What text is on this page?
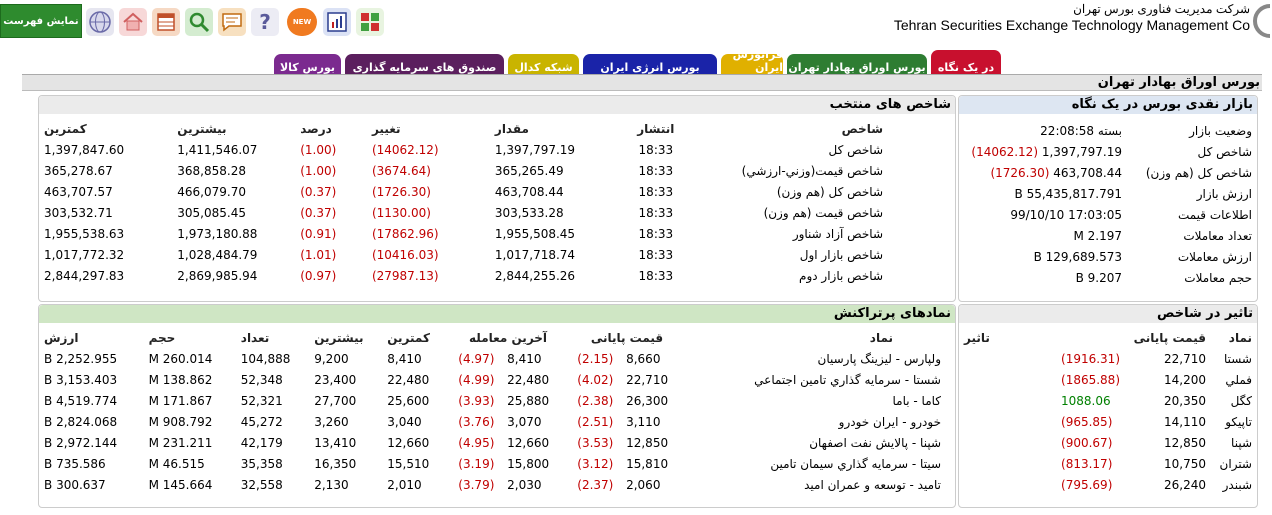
نمایش فهرست	?	NEW
شرکت مدیریت فناوری بورس تهران
Tehran Securities Exchange Technology Management Co
در یک نگاه
بورس اوراق بهادار تهران
فرابورس ایران
بورس انرژی ایران
شبکه کدال
صندوق های سرمایه گذاری
بورس کالا
بورس اوراق بهادار تهران
بازار نقدی بورس در یک نگاه
وضعیت بازار	بسته 22:08:58
شاخص کل	1,397,797.19 (14062.12)
شاخص کل (هم وزن)	463,708.44 (1726.30)
ارزش بازار	55,435,817.791 B
اطلاعات قیمت	17:03:05 99/10/10
تعداد معاملات	2.197 M
ارزش معاملات	129,689.573 B
حجم معاملات	9.207 B
شاخص های منتخب
شاخص	انتشار	مقدار	تغییر	درصد	بیشترین	کمترین
شاخص کل	18:33	1,397,797.19	(14062.12)	(1.00)	1,411,546.07	1,397,847.60
شاخص قیمت(وزني-ارزشي)	18:33	365,265.49	(3674.64)	(1.00)	368,858.28	365,278.67
شاخص کل (هم وزن)	18:33	463,708.44	(1726.30)	(0.37)	466,079.70	463,707.57
شاخص قیمت (هم وزن)	18:33	303,533.28	(1130.00)	(0.37)	305,085.45	303,532.71
شاخص آزاد شناور	18:33	1,955,508.45	(17862.96)	(0.91)	1,973,180.88	1,955,538.63
شاخص بازار اول	18:33	1,017,718.74	(10416.03)	(1.01)	1,028,484.79	1,017,772.32
شاخص بازار دوم	18:33	2,844,255.26	(27987.13)	(0.97)	2,869,985.94	2,844,297.83
تاثیر در شاخص
نماد	قیمت پایانی	تاثیر
شستا	22,710	(1916.31)
فملي	14,200	(1865.88)
کگل	20,350	1088.06
تاپيکو	14,110	(965.85)
شپنا	12,850	(900.67)
شتران	10,750	(813.17)
شبندر	26,240	(795.69)
نمادهای پرتراکنش
نماد	قیمت پایانی		آخرین معامله		کمترین	بیشترین	تعداد	حجم	ارزش
ولپارس - ليزينگ پارسيان	8,660	(2.15)	8,410	(4.97)	8,410	9,200	104,888	260.014 M	2,252.955 B
شستا - سرمايه گذاري تامين اجتماعي	22,710	(4.02)	22,480	(4.99)	22,480	23,400	52,348	138.862 M	3,153.403 B
کاما - باما	26,300	(2.38)	25,880	(3.93)	25,600	27,700	52,321	171.867 M	4,519.774 B
خودرو - ايران خودرو	3,110	(2.51)	3,070	(3.76)	3,040	3,260	45,272	908.792 M	2,824.068 B
شپنا - پالايش نفت اصفهان	12,850	(3.53)	12,660	(4.95)	12,660	13,410	42,179	231.211 M	2,972.144 B
سيتا - سرمايه گذاري سيمان تامين	15,810	(3.12)	15,800	(3.19)	15,510	16,350	35,358	46.515 M	735.586 B
تامید - توسعه و عمران امید	2,060	(2.37)	2,030	(3.79)	2,010	2,130	32,558	145.664 M	300.637 B
